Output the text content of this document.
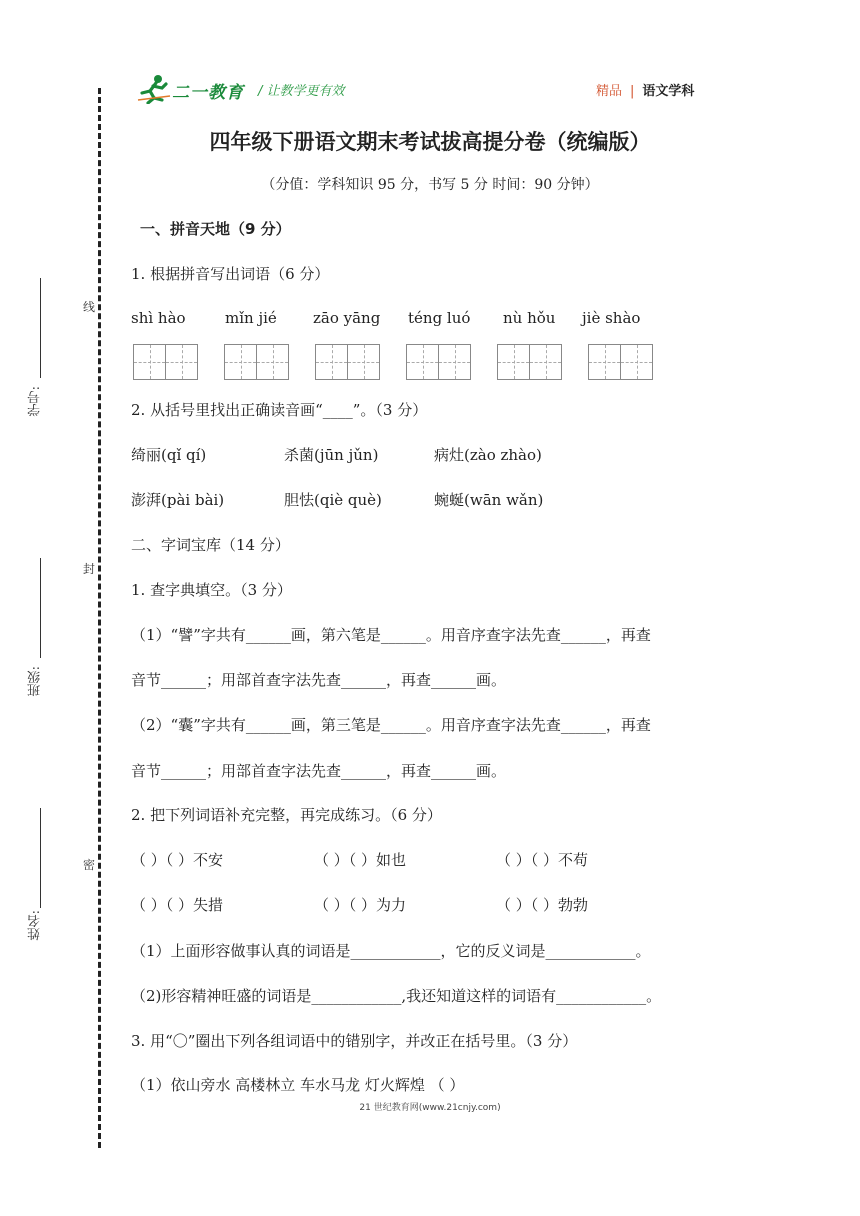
二一教育 / 让教学更有效	精品 | 语文学科
四年级下册语文期末考试拔高提分卷（统编版）
（分值：学科知识 95 分，书写 5 分 时间：90 分钟）
学号:
班级:
姓名:
线
封
密
一、拼音天地（9 分）
1. 根据拼音写出词语（6 分）
shì hào	mǐn jié zāo yāng téng luó nù hǒu jiè shào
2. 从括号里找出正确读音画“____”。（3 分）
绮丽(qǐ qí)	杀菌(jūn jǔn)	病灶(zào zhào)
澎湃(pài bài)	胆怯(qiè què)	蜿蜒(wān wǎn)
二、字词宝库（14 分）
1. 查字典填空。（3 分）
（1）“譬”字共有______画，第六笔是______。用音序查字法先查______，再查
音节______；用部首查字法先查______，再查______画。
（2）“囊”字共有______画，第三笔是______。用音序查字法先查______，再查
音节______；用部首查字法先查______，再查______画。
2. 把下列词语补充完整，再完成练习。（6 分）
（ ）（ ）不安	（ ）（ ）如也	（ ）（ ）不苟
（ ）（ ）失措	（ ）（ ）为力	（ ）（ ）勃勃
（1）上面形容做事认真的词语是____________，它的反义词是____________。
（2)形容精神旺盛的词语是____________,我还知道这样的词语有____________。
3. 用“〇”圈出下列各组词语中的错别字，并改正在括号里。（3 分）
（1）依山旁水 高楼林立 车水马龙 灯火辉煌 （ ）
21 世纪教育网(www.21cnjy.com)
